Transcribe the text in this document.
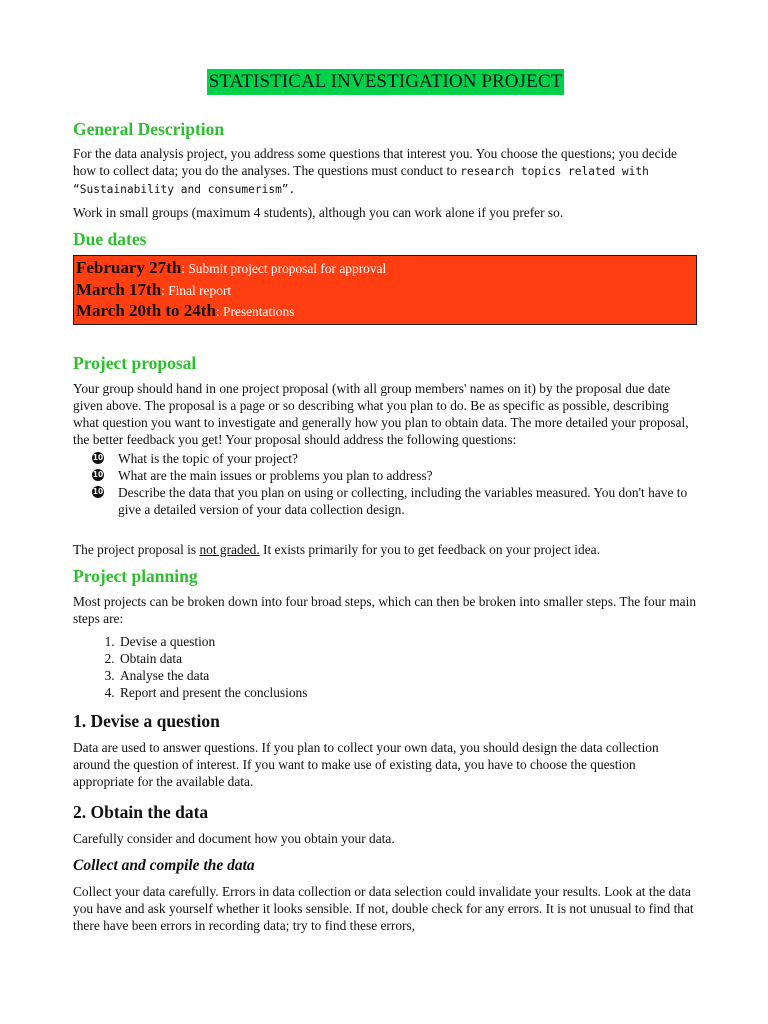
STATISTICAL INVESTIGATION PROJECT
General Description

For the data analysis project, you address some questions that interest you. You choose the questions; you decide how to collect data; you do the analyses. The questions must conduct to research topics related with “Sustainability and consumerism”.

Work in small groups (maximum 4 students), although you can work alone if you prefer so.

Due dates
February 27th: Submit project proposal for approval
March 17th: Final report
March 20th to 24th: Presentations
Project proposal

Your group should hand in one project proposal (with all group members' names on it) by the proposal due date given above. The proposal is a page or so describing what you plan to do. Be as specific as possible, describing what question you want to investigate and generally how you plan to obtain data. The more detailed your proposal, the better feedback you get! Your proposal should address the following questions:

10 What is the topic of your project?
10 What are the main issues or problems you plan to address?
10 Describe the data that you plan on using or collecting, including the variables measured. You don't have to give a detailed version of your data collection design.

The project proposal is not graded. It exists primarily for you to get feedback on your project idea.

Project planning

Most projects can be broken down into four broad steps, which can then be broken into smaller steps. The four main steps are:

1. Devise a question
2. Obtain data
3. Analyse the data
4. Report and present the conclusions
1. Devise a question

Data are used to answer questions. If you plan to collect your own data, you should design the data collection around the question of interest. If you want to make use of existing data, you have to choose the question appropriate for the available data.

2. Obtain the data

Carefully consider and document how you obtain your data.

Collect and compile the data

Collect your data carefully. Errors in data collection or data selection could invalidate your results. Look at the data you have and ask yourself whether it looks sensible. If not, double check for any errors. It is not unusual to find that there have been errors in recording data; try to find these errors,
